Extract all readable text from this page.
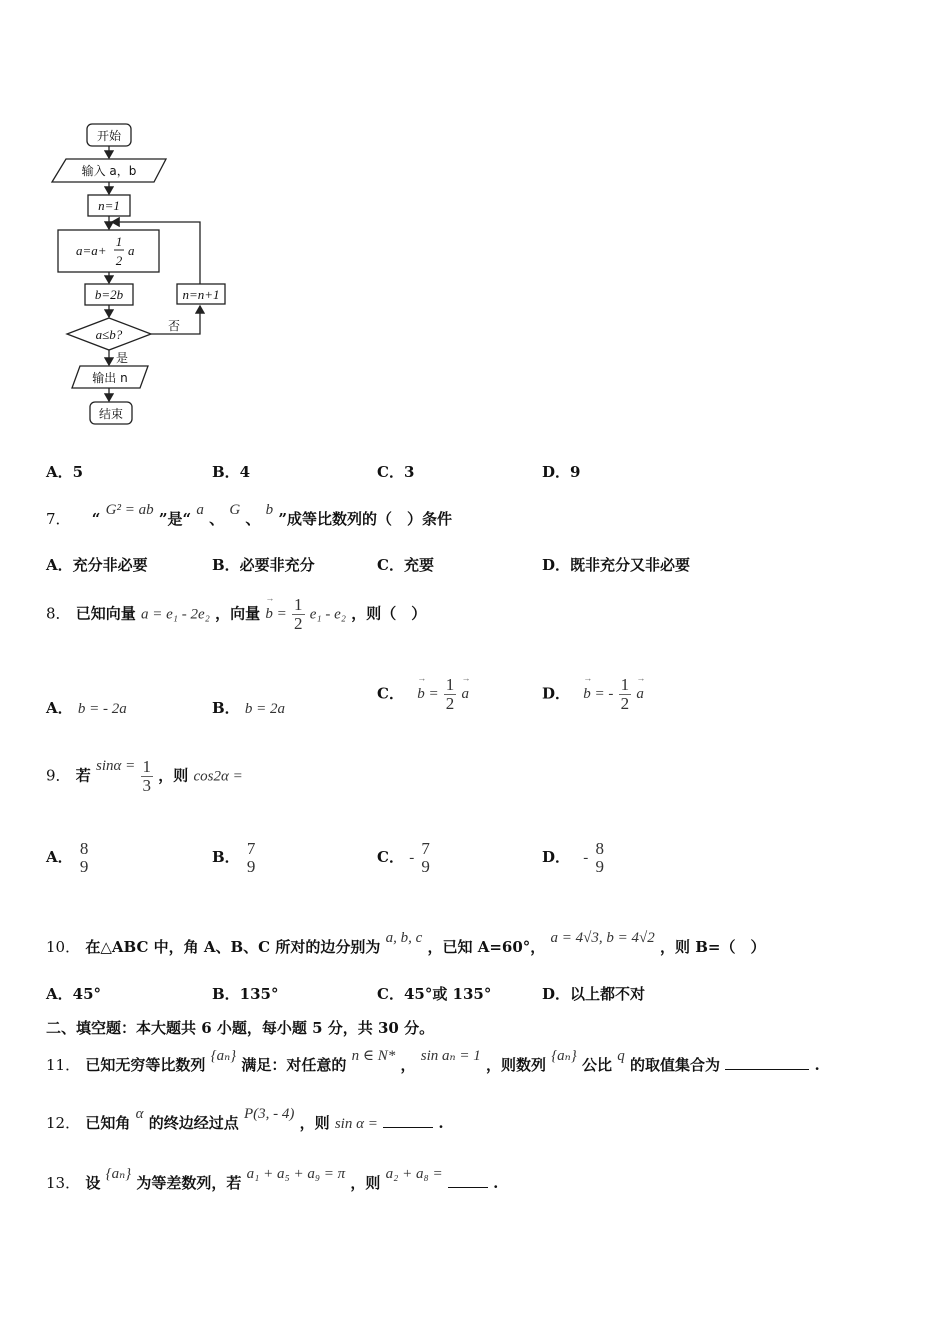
开始
输入 a，b
n=1
a=a+
1
2
a
b=2b
a≤b?
否
是
输出 n
结束
n=n+1
A．5	B．4	C．3	D．9
7． “ G² = ab ”是“ a 、 G 、 b ”成等比数列的（　）条件
A．充分非必要	B．必要非充分	C．充要	D．既非充分又非必要
8． 已知向量 a = e₁ - 2e₂ ，向量 → $b = \frac{1}{2} e_1 - e_2$ ，则（　）
A． b = - 2a	B． b = 2a
C． → $b = \frac{1}{2}$
→ a	D． → b = - $\frac{1}{2}$
→ a
9． 若 $\sin\alpha = \frac{1}{3}$ ，则 cos2α =
A． 8
9	B． 7
9	C． - 7
9	D． - 8
9
10． 在△ABC 中，角 A、B、C 所对的边分别为 a, b, c ，已知 A=60°， a = 4√3, b = 4√2 ，则 B=（　）
A．45°	B．135°	C．45°或 135°	D．以上都不对
二、填空题：本大题共 6 小题，每小题 5 分，共 30 分。
11． 已知无穷等比数列 {aₙ} 满足：对任意的 n ∈ N* ， sin aₙ = 1 ，则数列 {aₙ} 公比 q 的取值集合为	.
12． 已知角 α 的终边经过点 P(3, - 4) ，则 sin α =	.
13． 设 {aₙ} 为等差数列，若 a₁ + a₅ + a₉ = π ，则 a₂ + a₈ =	.
